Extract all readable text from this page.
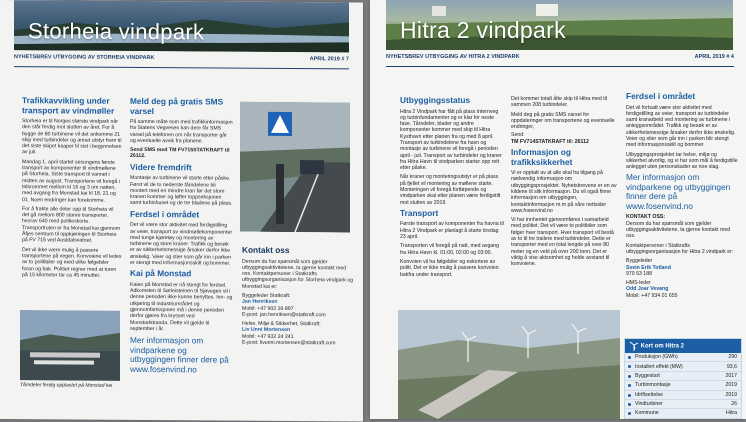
Storheia vindpark
NYHETSBREV UTBYGGING AV STORHEIA VINDPARK	APRIL 2019 # 7
Trafikkavvikling under transport av vindmøller

Storheia er til Norges største vindpark når den står ferdig mot slutten av året. For å bygge de 80 turbinene vil det ankomme 21 skip med turbindeler og annet utstyr frem til det siste skipet kaaper til sist i begynnelsen av juli.

Mandag 1. april startet sesongens første transport av komponenter til vindmøllene på Storheia. Siste transport til vannet i midten av august. Transportene vil foregå i tidsrommet mellom kl 16 og 3 om natten, med avgang fra Monstad kai kl 18, 21 og 01. Noen endringer kan forekomme.

For å frakte alle deler opp til Storheia vil det gå mellom 800 stanre transporter, hvorav 640 med politieskorte. Transportruten er fra Monstad kai gjennom Åfjes sentrum til oppkjøringen til Storheia på FV 715 ved Austdalsvatnet.

Det vil ikke være mulig å passere transportene på vegen. Konvoiene vil ledes av to politibiler og med ulike følgebiler foran og bak. Politiet regner med at turen på 15 kilometer tar ca 45 minutter.

Tårndeler ferdig opplastet på Monstad kai
Meld deg på gratis SMS varsel

På samme måte som med trafikkinformasjon fra Statens Vegvesen kan dere får SMS varsel på telefonen om når transporter går og eventuelle avvik fra planene.

Send SMS med TM FV715STATKRAFT til 26112.

Videre fremdrift

Montasje av turbinene vil starte etter påske. Først vil de to nederste tårndelene bli montert med en mindre kran før det store kranen kommer og løfter toppseksjonen samt turbinhuset og de tre bladene på plass.

Ferdsel i området

Det vil være stor aktivitet med ferdigstilling av veier, transport av vindmøllekomponenter med tunge kjøretøy og montering av turbinene og store kraner. Trafikk og besøk er av sikkerhetsmessige årsaker derfor ikke ønskelig. Veier og stier som går inn i parken er stengt med informasjonsskilt og bommer.

Kai på Monstad

Kaien på Monstad er nå stengt for ferdsel. Adkomsten til Sørleisteinen til Sjøvegen vil i denne perioden ikke kunne benyttes. Inn- og utkjøring til industriområdet og gjennomfartssjonen må i denne perioden derfor gjøres fra krysset ved Monstadstranda. Dette vil gjelde til september i år.

Mer informasjon om vindparkene og utbyggingen finner dere på www.fosenvind.no
Kontakt oss

Dersom du har spørsmål som gjelder utbyggingsaktivitetene, ta gjerne kontakt med oss. Kontaktpersoner i Statkrafts utbyggingsorganisasjon for Storheia vindpark og Monstad kai er:

Byggeleder Statkraft:

Jan Henriksen

Mobil: +47 902 36 897

E-post: jan.henriksen@statkraft.com

Helse, Miljø & Sikkerhet, Statkraft:

Liv Unni Mortensen

Mobil: +47 932 24 241

E-post: livunni.mortensen@statkraft.com

Hitra 2 vindpark
NYHETSBREV UTBYGGING AV HITRA 2 VINDPARK	APRIL 2019 # 4
Utbyggingsstatus

Hitra 2 Vindpark har fått på plass internveg og turbinfundamenter og er klar for neste fase. Tårndeler, blader og andre komponenter kommer med skip til Hitra Kysthavn etter planen fra og med 8 april. Transport av turbindelene fra havn og montasje av turbinene vil foregå i perioden april - juli. Transport av turbindeler og kraner fra Hitra Havn til vindparken starter opp rett etter påske.

Når kraner og monteringsutstyr er på plass på fjellet vil montering av møllene starte. Monteringen vil foregå fortløpende og vindparken skal etter planen være ferdigstilt mot slutten av 2019.

Transport

Første transport av komponenter fra havna til Hitra 2 Vindpark er planlagt å starte tirsdag 23 april.

Transporten vil foregå på natt, med avgang fra Hitra Havn kl. 01:00, 02:00 og 03:00.

Konvoien vil ha følgebiler og eskortere av politi. Det er ikke mulig å passere konvoien bakfra under transport.

Det kommer totalt åtte skip til Hitra med til sammen 208 turbindeler.

Meld deg på gratis SMS varsel for oppdateringer om transportene og eventuelle endringer,

Send:

TM FV714STATKRAFT til: 26112

Informasjon og trafikksikkerhet

Vi er opptatt av at alle skal ha tilgang på nødvendig informasjon om utbyggingsprosjektet. Nyhetsbrevene er en av kildene til slik informasjon. Du vil også finne informasjon om utbyggingen, kontaktinformasjon m.m på våre nettsider www.fosenvind.no

Vi har innhentet gjennomføres i samarbeid med politiet. Det vil være to politibiler som følger hver transport. Hver transport vil bestå av to til tre trailere med turbindeler. Dette er transporter med en total lengde på over 80 meter og en vekt på over 200 tonn. Det er viktig å vise aktsomhet og holde avstand til konvoiene.

Ferdsel i området

Det vil fortsatt være stor aktivitet med ferdigstilling av veier, transport av turbindeler samt kranarbeid ved montering av turbinene i anleggsområdet. Trafikk og besøk er av sikkerhetsmessige årsaker derfor ikke ønskelig. Veier og stier som går inn i parken blir stengt med informasjonsskilt og bommer.

Utbyggingsprosjektet tar helse, miljø og sikkerhet alvorlig, og vi har som mål å ferdigstille anlegget uten personskader av noe slag.

Mer informasjon om vindparkene og utbyggingen finner dere på www.fosenvind.no

KONTAKT OSS:

Dersom du har spørsmål som gjelder utbyggingsaktivitetene, ta gjerne kontakt med oss.

Kontaktpersoner i Statkrafts utbyggingsorganisasjon for Hitra 2 vindpark er:

Byggeleder

Svein Erik Totland

970 53 188

HMS-leder

Odd Joar Vevang

Mobil: +47 934 01 655

Kort om Hitra 2
Produksjon (GWh)	290
Installert effekt (MW)	93,6
Byggestart	2017
Turbinmontasje	2019
Idriftsettelse	2019
Vindturbiner	26
Kommune	Hitra
